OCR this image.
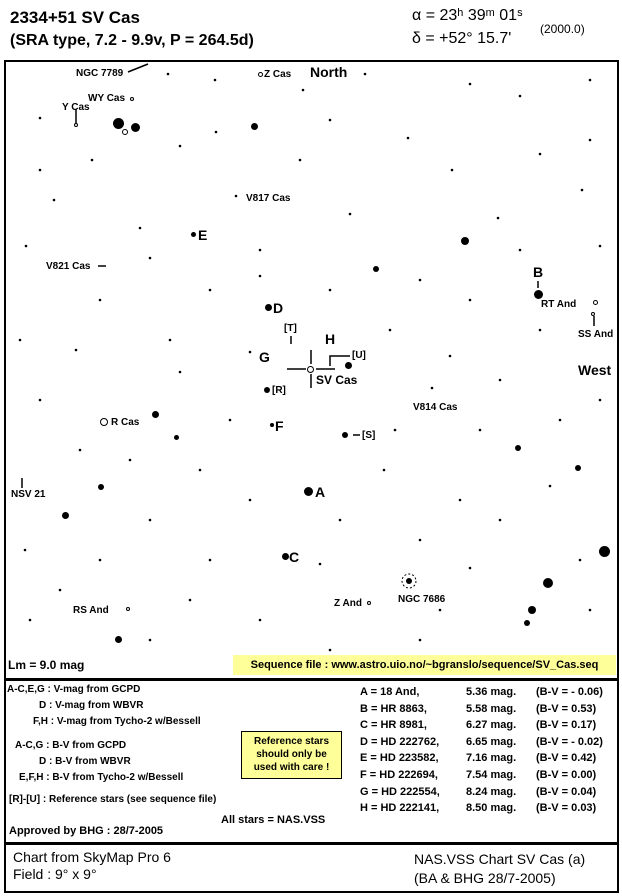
2334+51 SV Cas
(SRA type, 7.2 - 9.9v, P = 264.5d)
α = 23ʰ 39ᵐ 01ˢ
δ = +52° 15.7'
(2000.0)
North
West
NGC 7789	Z Cas
WY Cas
Y Cas
V817 Cas
V821 Cas
R Cas
NSV 21
RS And
Z And	NGC 7686
V814 Cas
RT And
SS And
SV Cas
A
B
C
D
E
F
G
H
[R]
[S]
[T]
[U]
Lm = 9.0 mag	Sequence file : www.astro.uio.no/~bgranslo/sequence/SV_Cas.seq
A-C,E,G : V-mag from GCPD
D : V-mag from WBVR
F,H : V-mag from Tycho-2 w/Bessell
A-C,G : B-V from GCPD
D : B-V from WBVR
E,F,H : B-V from Tycho-2 w/Bessell
[R]-[U] : Reference stars (see sequence file)
Approved by BHG : 28/7-2005
All stars = NAS.VSS
Reference stars
should only be
used with care !
A = 18 And,	5.36 mag. (B-V = - 0.06)
B = HR 8863,	5.58 mag. (B-V = 0.53)
C = HR 8981,	6.27 mag. (B-V = 0.17)
D = HD 222762, 6.65 mag. (B-V = - 0.02)
E = HD 223582, 7.16 mag. (B-V = 0.42)
F = HD 222694,	7.54 mag. (B-V = 0.00)
G = HD 222554, 8.24 mag. (B-V = 0.04)
H = HD 222141, 8.50 mag. (B-V = 0.03)
Chart from SkyMap Pro 6
Field : 9° x 9°
NAS.VSS Chart SV Cas (a)
(BA & BHG 28/7-2005)
